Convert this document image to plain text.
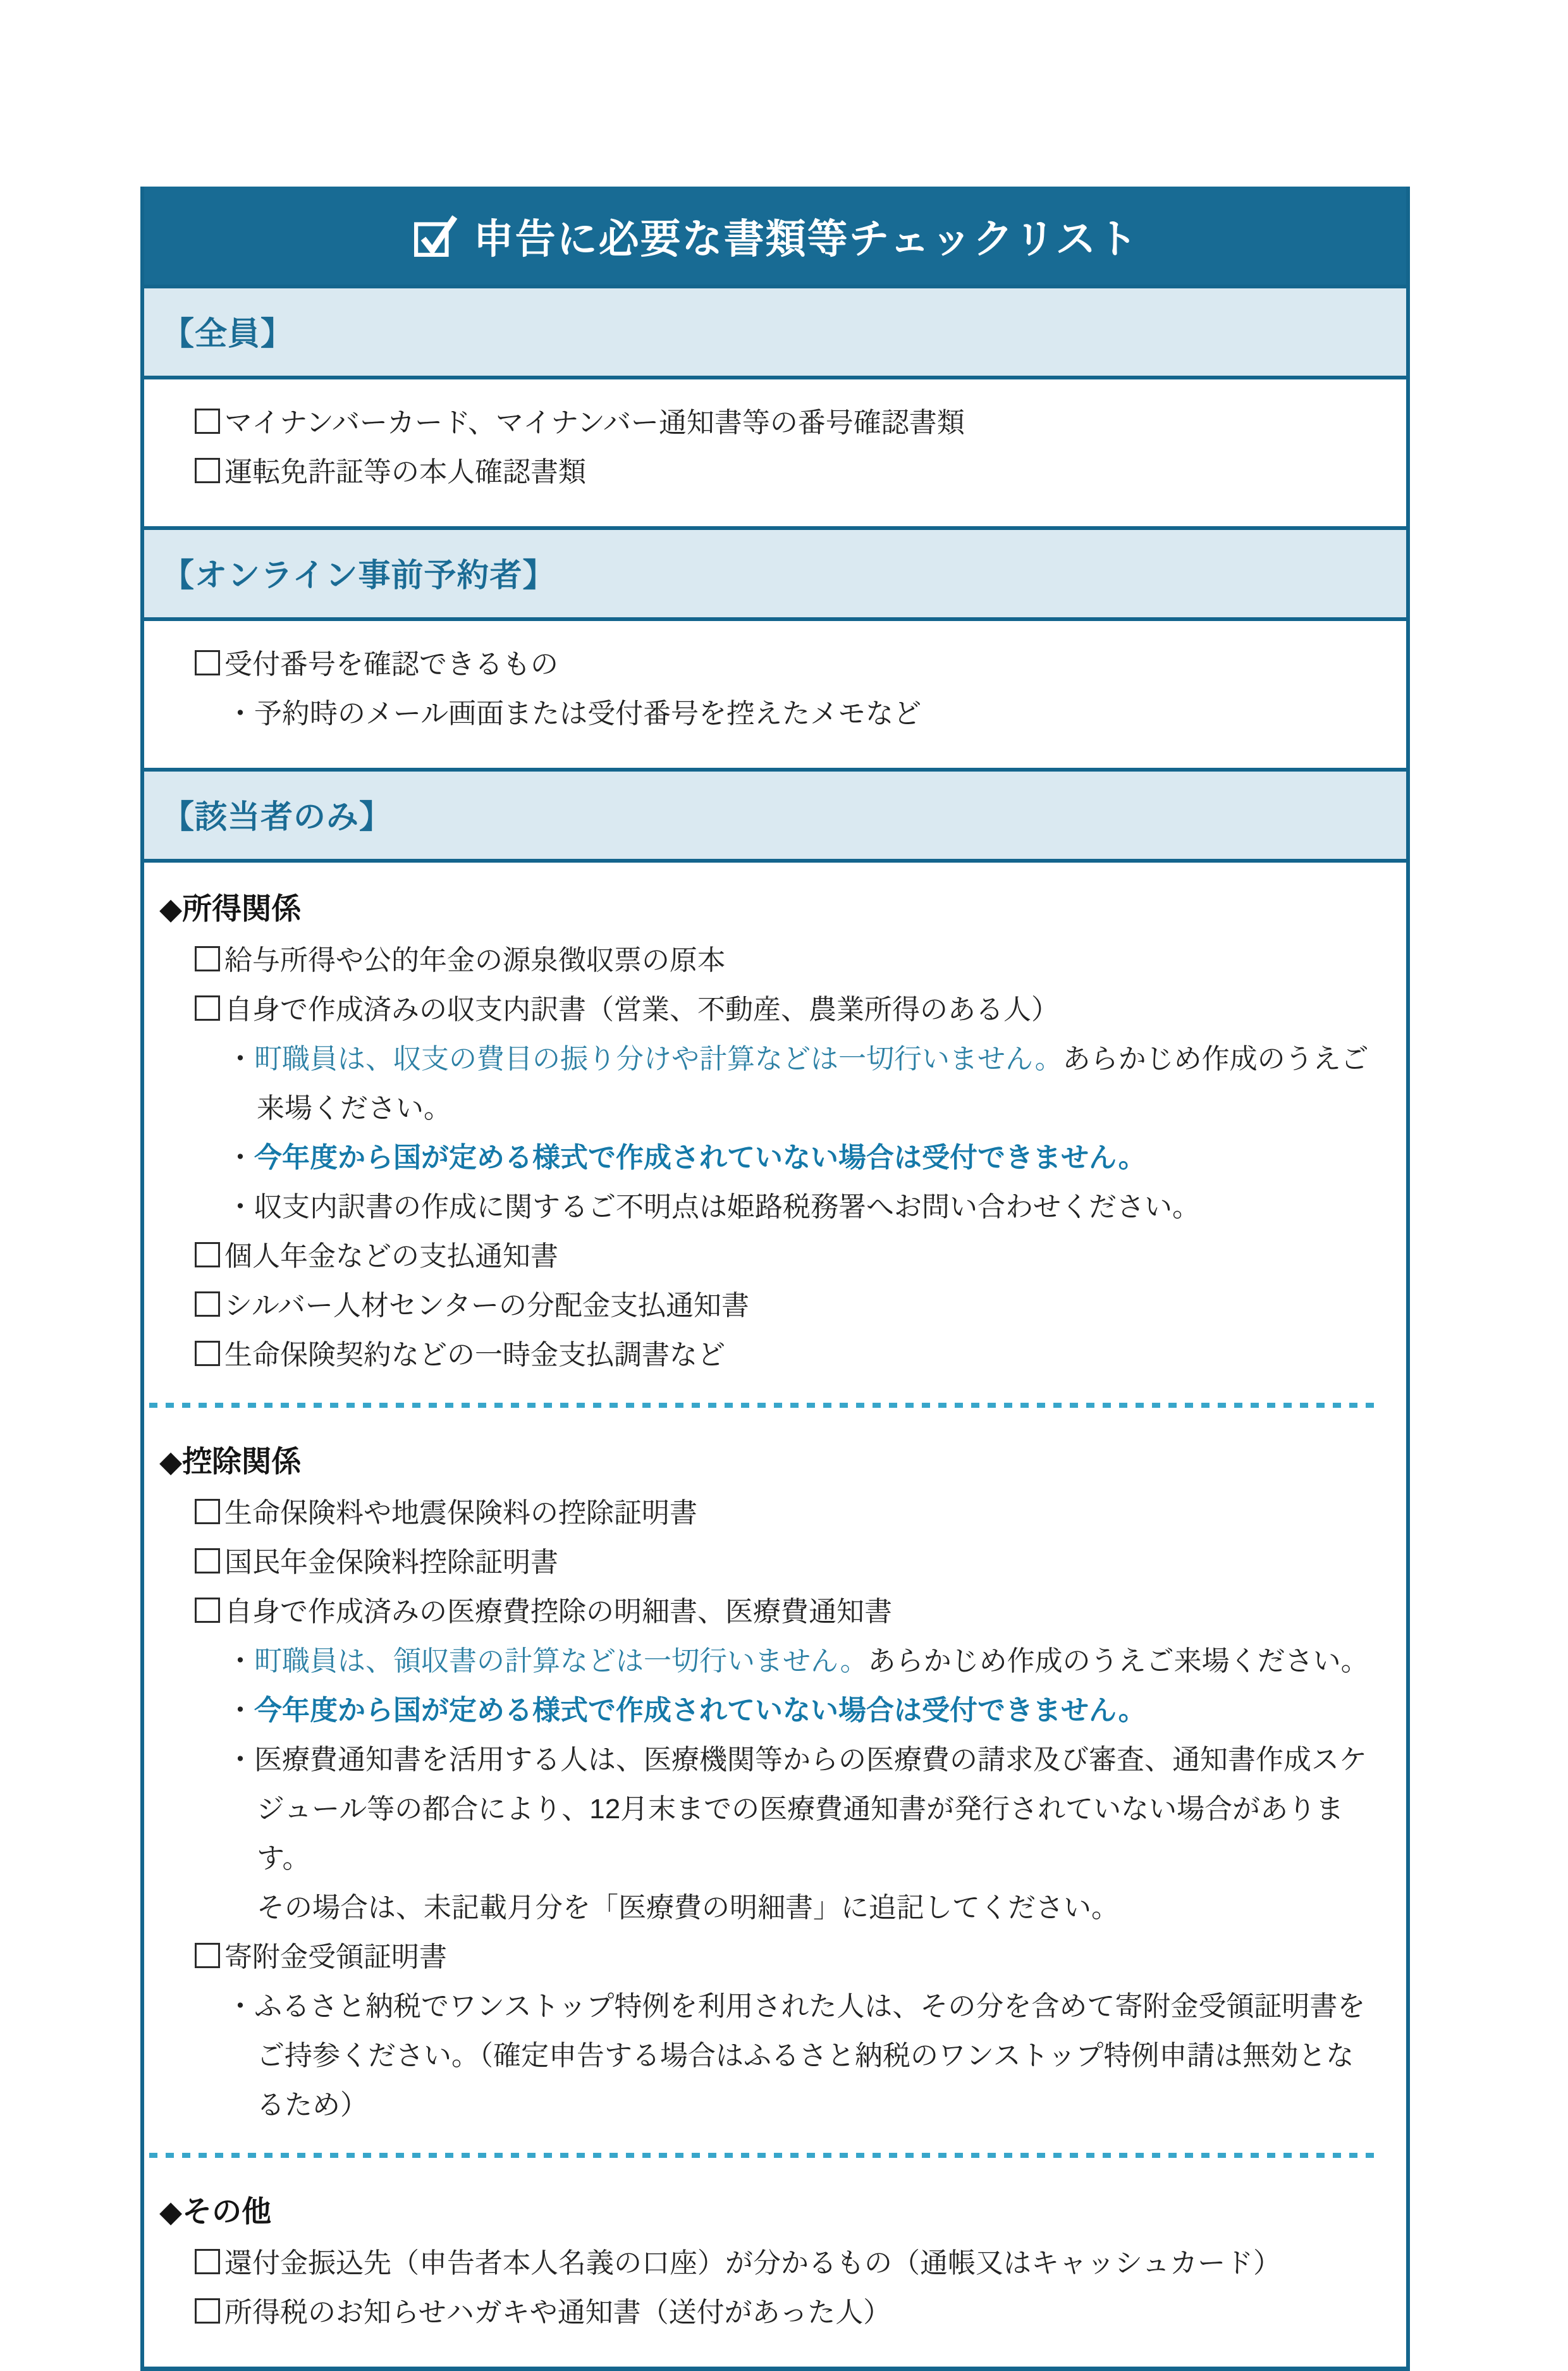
申告に必要な書類等チェックリスト
【全員】
マイナンバーカード、マイナンバー通知書等の番号確認書類
運転免許証等の本人確認書類
【オンライン事前予約者】
受付番号を確認できるもの
・予約時のメール画面または受付番号を控えたメモなど
【該当者のみ】
◆所得関係
給与所得や公的年金の源泉徴収票の原本
自身で作成済みの収支内訳書（営業、不動産、農業所得のある人）
・町職員は、収支の費目の振り分けや計算などは一切行いません。あらかじめ作成のうえご
来場ください。
・今年度から国が定める様式で作成されていない場合は受付できません。
・収支内訳書の作成に関するご不明点は姫路税務署へお問い合わせください。
個人年金などの支払通知書
シルバー人材センターの分配金支払通知書
生命保険契約などの一時金支払調書など
◆控除関係
生命保険料や地震保険料の控除証明書
国民年金保険料控除証明書
自身で作成済みの医療費控除の明細書、医療費通知書
・町職員は、領収書の計算などは一切行いません。あらかじめ作成のうえご来場ください。
・今年度から国が定める様式で作成されていない場合は受付できません。
・医療費通知書を活用する人は、医療機関等からの医療費の請求及び審査、通知書作成スケ
ジュール等の都合により、12月末までの医療費通知書が発行されていない場合があります。
その場合は、未記載月分を「医療費の明細書」に追記してください。
寄附金受領証明書
・ふるさと納税でワンストップ特例を利用された人は、その分を含めて寄附金受領証明書を
ご持参ください。（確定申告する場合はふるさと納税のワンストップ特例申請は無効とな
るため）
◆その他
還付金振込先（申告者本人名義の口座）が分かるもの（通帳又はキャッシュカード）
所得税のお知らせハガキや通知書（送付があった人）
